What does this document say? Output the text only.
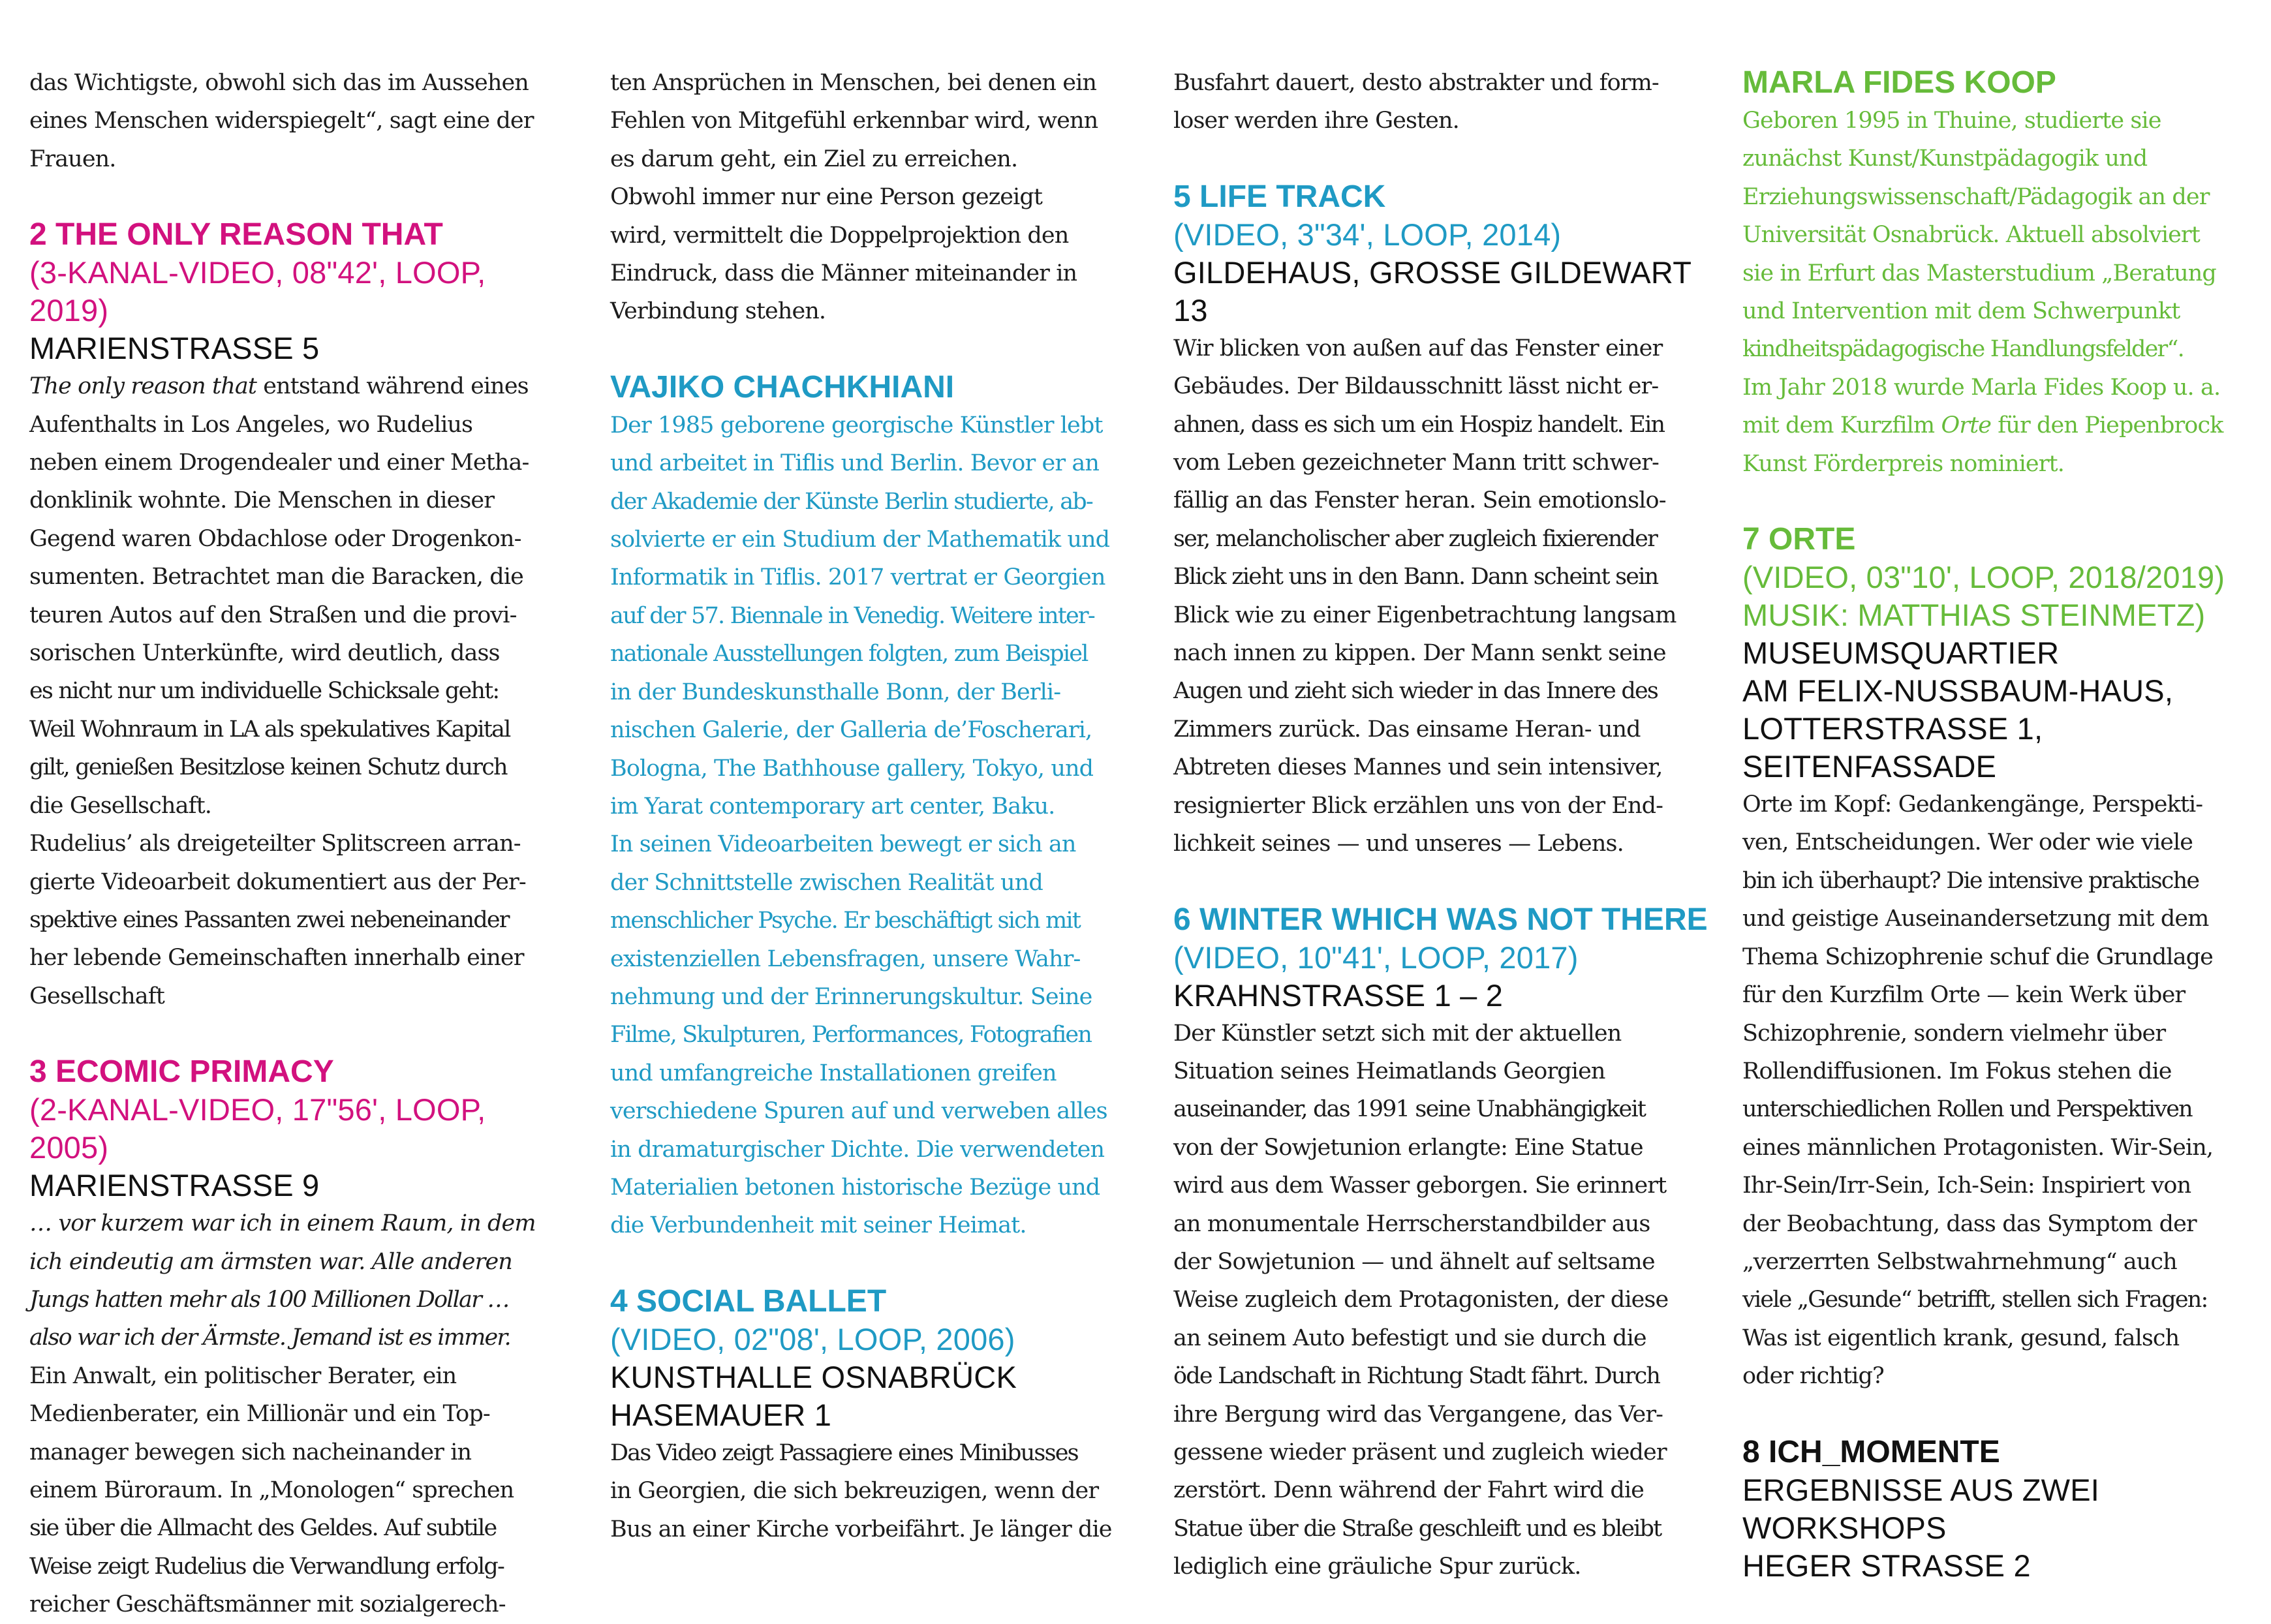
das Wichtigste, obwohl sich das im Aussehen

eines Menschen widerspiegelt“, sagt eine der

Frauen.

2 THE ONLY REASON THAT
(3-KANAL-VIDEO, 08"42', LOOP, 2019)
MARIENSTRASSE 5

The only reason that entstand während eines

Aufenthalts in Los Angeles, wo Rudelius

neben einem Drogendealer und einer Metha-

donklinik wohnte. Die Menschen in dieser

Gegend waren Obdachlose oder Drogenkon-

sumenten. Betrachtet man die Baracken, die

teuren Autos auf den Straßen und die provi-

sorischen Unterkünfte, wird deutlich, dass

es nicht nur um individuelle Schicksale geht:

Weil Wohnraum in LA als spekulatives Kapital

gilt, genießen Besitzlose keinen Schutz durch

die Gesellschaft.

Rudelius’ als dreigeteilter Splitscreen arran-

gierte Videoarbeit dokumentiert aus der Per-

spektive eines Passanten zwei nebeneinander

her lebende Gemeinschaften innerhalb einer

Gesellschaft

3 ECOMIC PRIMACY
(2-KANAL-VIDEO, 17"56', LOOP, 2005)
MARIENSTRASSE 9

… vor kurzem war ich in einem Raum, in dem

ich eindeutig am ärmsten war. Alle anderen

Jungs hatten mehr als 100 Millionen Dollar …

also war ich der Ärmste. Jemand ist es immer.

Ein Anwalt, ein politischer Berater, ein

Medienberater, ein Millionär und ein Top-

manager bewegen sich nacheinander in

einem Büroraum. In „Monologen“ sprechen

sie über die Allmacht des Geldes. Auf subtile

Weise zeigt Rudelius die Verwandlung erfolg-

reicher Geschäftsmänner mit sozialgerech-

ten Ansprüchen in Menschen, bei denen ein

Fehlen von Mitgefühl erkennbar wird, wenn

es darum geht, ein Ziel zu erreichen.

Obwohl immer nur eine Person gezeigt

wird, vermittelt die Doppelprojektion den

Eindruck, dass die Männer miteinander in

Verbindung stehen.

VAJIKO CHACHKHIANI

Der 1985 geborene georgische Künstler lebt

und arbeitet in Tiflis und Berlin. Bevor er an

der Akademie der Künste Berlin studierte, ab-

solvierte er ein Studium der Mathematik und

Informatik in Tiflis. 2017 vertrat er Georgien

auf der 57. Biennale in Venedig. Weitere inter-

nationale Ausstellungen folgten, zum Beispiel

in der Bundeskunsthalle Bonn, der Berli-

nischen Galerie, der Galleria de’Foscherari,

Bologna, The Bathhouse gallery, Tokyo, und

im Yarat contemporary art center, Baku.

In seinen Videoarbeiten bewegt er sich an

der Schnittstelle zwischen Realität und

menschlicher Psyche. Er beschäftigt sich mit

existenziellen Lebensfragen, unsere Wahr-

nehmung und der Erinnerungskultur. Seine

Filme, Skulpturen, Performances, Fotografien

und umfangreiche Installationen greifen

verschiedene Spuren auf und verweben alles

in dramaturgischer Dichte. Die verwendeten

Materialien betonen historische Bezüge und

die Verbundenheit mit seiner Heimat.

4 SOCIAL BALLET
(VIDEO, 02"08', LOOP, 2006)
KUNSTHALLE OSNABRÜCK
HASEMAUER 1

Das Video zeigt Passagiere eines Minibusses

in Georgien, die sich bekreuzigen, wenn der

Bus an einer Kirche vorbeifährt. Je länger die

Busfahrt dauert, desto abstrakter und form-

loser werden ihre Gesten.

5 LIFE TRACK
(VIDEO, 3"34', LOOP, 2014)
GILDEHAUS, GROSSE GILDEWART 13

Wir blicken von außen auf das Fenster einer

Gebäudes. Der Bildausschnitt lässt nicht er-

ahnen, dass es sich um ein Hospiz handelt. Ein

vom Leben gezeichneter Mann tritt schwer-

fällig an das Fenster heran. Sein emotionslo-

ser, melancholischer aber zugleich fixierender

Blick zieht uns in den Bann. Dann scheint sein

Blick wie zu einer Eigenbetrachtung langsam

nach innen zu kippen. Der Mann senkt seine

Augen und zieht sich wieder in das Innere des

Zimmers zurück. Das einsame Heran- und

Abtreten dieses Mannes und sein intensiver,

resignierter Blick erzählen uns von der End-

lichkeit seines — und unseres — Lebens.

6 WINTER WHICH WAS NOT THERE
(VIDEO, 10"41', LOOP, 2017)
KRAHNSTRASSE 1 – 2

Der Künstler setzt sich mit der aktuellen

Situation seines Heimatlands Georgien

auseinander, das 1991 seine Unabhängigkeit

von der Sowjetunion erlangte: Eine Statue

wird aus dem Wasser geborgen. Sie erinnert

an monumentale Herrscherstandbilder aus

der Sowjetunion — und ähnelt auf seltsame

Weise zugleich dem Protagonisten, der diese

an seinem Auto befestigt und sie durch die

öde Landschaft in Richtung Stadt fährt. Durch

ihre Bergung wird das Vergangene, das Ver-

gessene wieder präsent und zugleich wieder

zerstört. Denn während der Fahrt wird die

Statue über die Straße geschleift und es bleibt

lediglich eine gräuliche Spur zurück.

MARLA FIDES KOOP

Geboren 1995 in Thuine, studierte sie

zunächst Kunst/Kunstpädagogik und

Erziehungswissenschaft/Pädagogik an der

Universität Osnabrück. Aktuell absolviert

sie in Erfurt das Masterstudium „Beratung

und Intervention mit dem Schwerpunkt

kindheitspädagogische Handlungsfelder“.

Im Jahr 2018 wurde Marla Fides Koop u. a.

mit dem Kurzfilm Orte für den Piepenbrock

Kunst Förderpreis nominiert.

7 ORTE
(VIDEO, 03"10', LOOP, 2018/2019)
MUSIK: MATTHIAS STEINMETZ)
MUSEUMSQUARTIER
AM FELIX-NUSSBAUM-HAUS,
LOTTERSTRASSE 1, SEITENFASSADE

Orte im Kopf: Gedankengänge, Perspekti-

ven, Entscheidungen. Wer oder wie viele

bin ich überhaupt? Die intensive praktische

und geistige Auseinandersetzung mit dem

Thema Schizophrenie schuf die Grundlage

für den Kurzfilm Orte — kein Werk über

Schizophrenie, sondern vielmehr über

Rollendiffusionen. Im Fokus stehen die

unterschiedlichen Rollen und Perspektiven

eines männlichen Protagonisten. Wir-Sein,

Ihr-Sein/Irr-Sein, Ich-Sein: Inspiriert von

der Beobachtung, dass das Symptom der

„verzerrten Selbstwahrnehmung“ auch

viele „Gesunde“ betrifft, stellen sich Fragen:

Was ist eigentlich krank, gesund, falsch

oder richtig?

8 ICH_MOMENTE
ERGEBNISSE AUS ZWEI
WORKSHOPS
HEGER STRASSE 2
